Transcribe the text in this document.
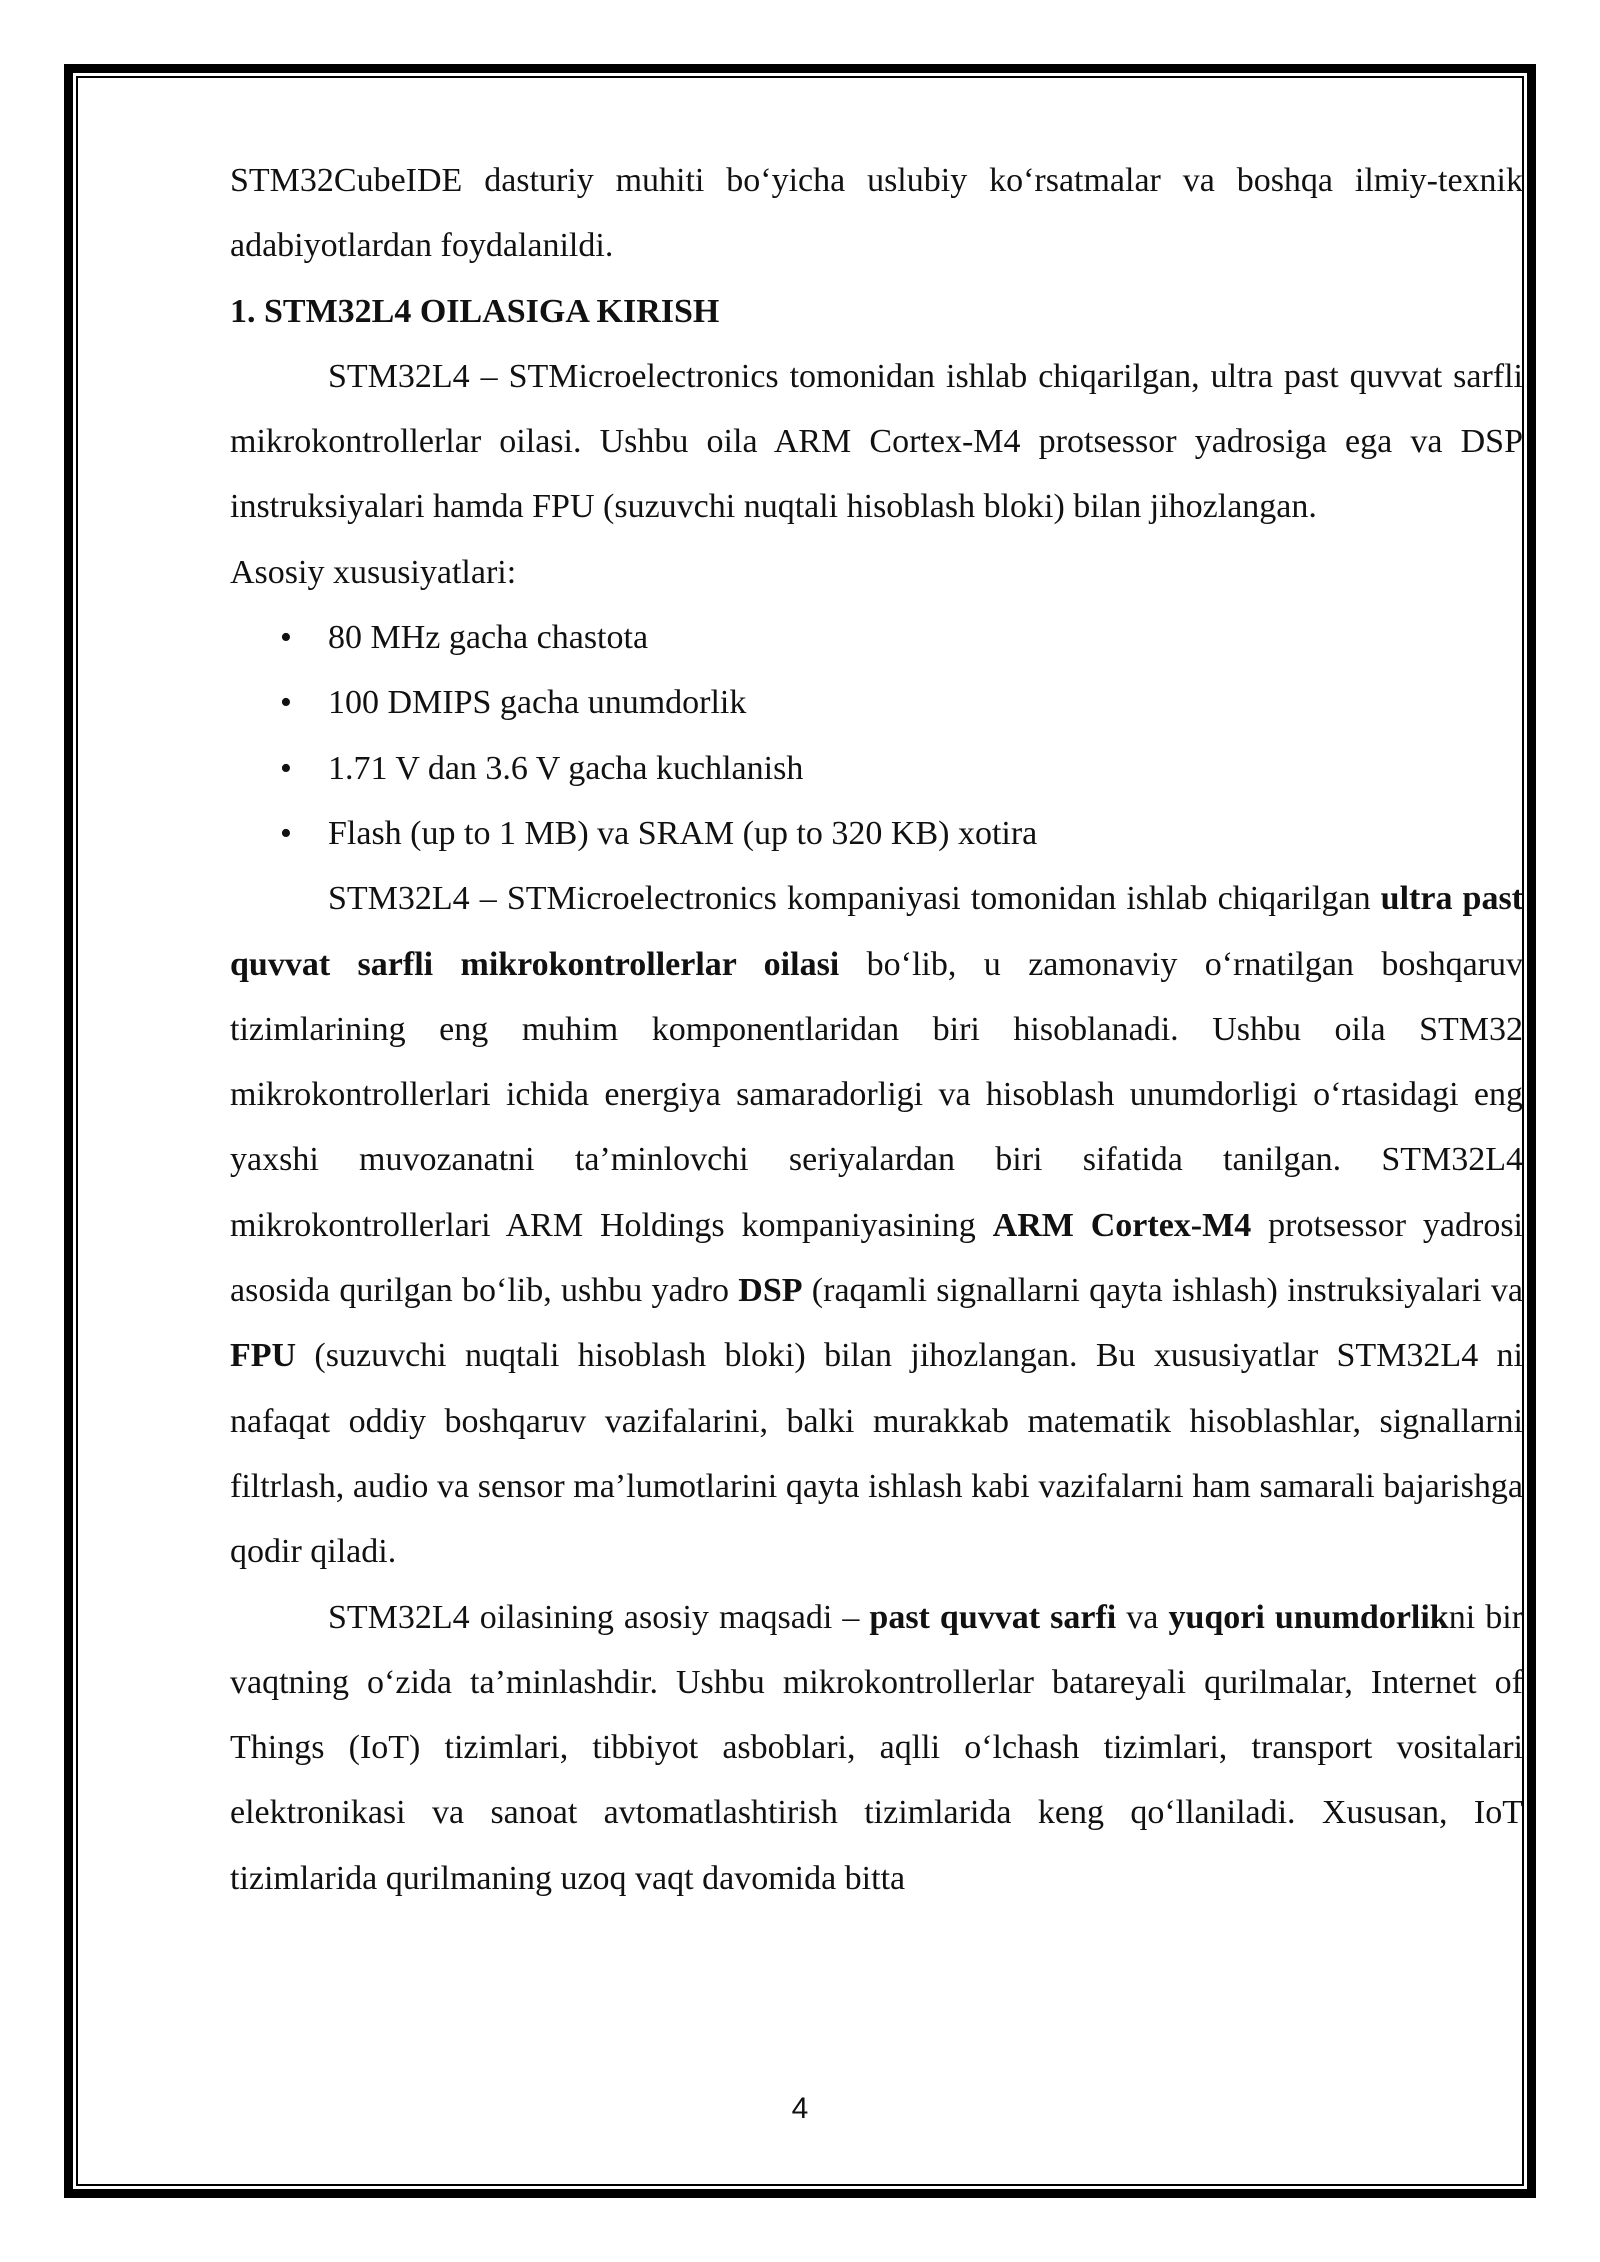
STM32CubeIDE dasturiy muhiti bo‘yicha uslubiy ko‘rsatmalar va boshqa ilmiy-texnik adabiyotlardan foydalanildi.

1. STM32L4 OILASIGA KIRISH

STM32L4 – STMicroelectronics tomonidan ishlab chiqarilgan, ultra past quvvat sarfli mikrokontrollerlar oilasi. Ushbu oila ARM Cortex-M4 protsessor yadrosiga ega va DSP instruksiyalari hamda FPU (suzuvchi nuqtali hisoblash bloki) bilan jihozlangan.

Asosiy xususiyatlari:

• 80 MHz gacha chastota
• 100 DMIPS gacha unumdorlik
• 1.71 V dan 3.6 V gacha kuchlanish
• Flash (up to 1 MB) va SRAM (up to 320 KB) xotira

STM32L4 – STMicroelectronics kompaniyasi tomonidan ishlab chiqarilgan ultra past quvvat sarfli mikrokontrollerlar oilasi bo‘lib, u zamonaviy o‘rnatilgan boshqaruv tizimlarining eng muhim komponentlaridan biri hisoblanadi. Ushbu oila STM32 mikrokontrollerlari ichida energiya samaradorligi va hisoblash unumdorligi o‘rtasidagi eng yaxshi muvozanatni ta’minlovchi seriyalardan biri sifatida tanilgan. STM32L4 mikrokontrollerlari ARM Holdings kompaniyasining ARM Cortex-M4 protsessor yadrosi asosida qurilgan bo‘lib, ushbu yadro DSP (raqamli signallarni qayta ishlash) instruksiyalari va FPU (suzuvchi nuqtali hisoblash bloki) bilan jihozlangan. Bu xususiyatlar STM32L4 ni nafaqat oddiy boshqaruv vazifalarini, balki murakkab matematik hisoblashlar, signallarni filtrlash, audio va sensor ma’lumotlarini qayta ishlash kabi vazifalarni ham samarali bajarishga qodir qiladi.

STM32L4 oilasining asosiy maqsadi – past quvvat sarfi va yuqori unumdorlikni bir vaqtning o‘zida ta’minlashdir. Ushbu mikrokontrollerlar batareyali qurilmalar, Internet of Things (IoT) tizimlari, tibbiyot asboblari, aqlli o‘lchash tizimlari, transport vositalari elektronikasi va sanoat avtomatlashtirish tizimlarida keng qo‘llaniladi. Xususan, IoT tizimlarida qurilmaning uzoq vaqt davomida bitta

4
